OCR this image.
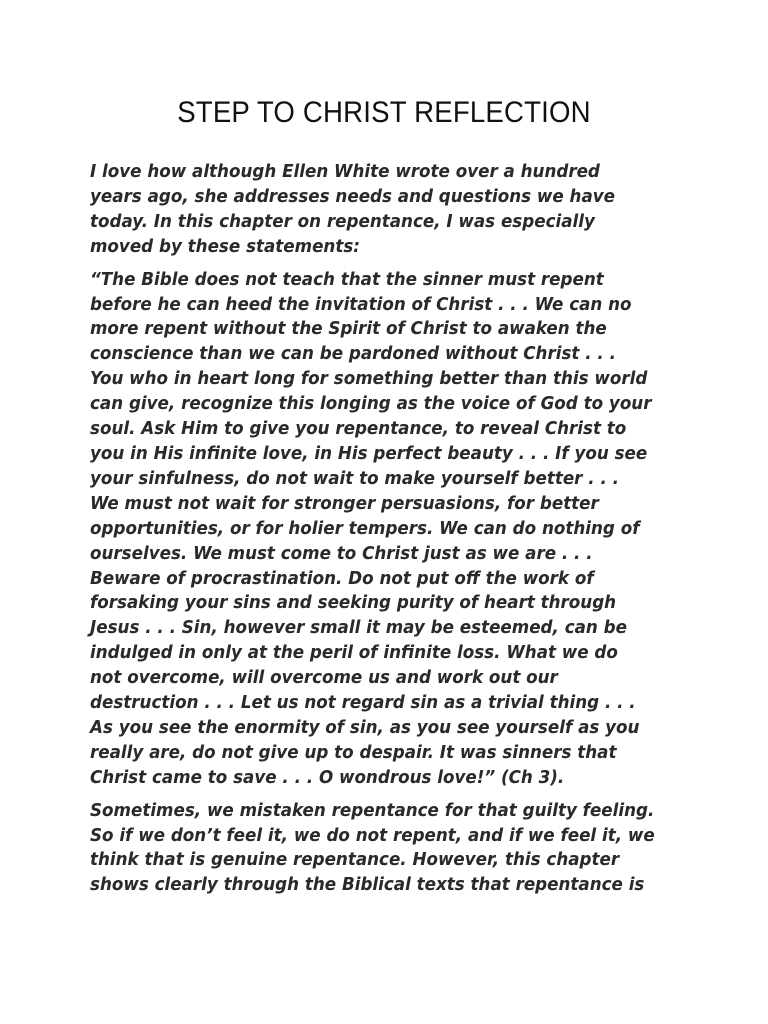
STEP TO CHRIST REFLECTION

I love how although Ellen White wrote over a hundred
years ago, she addresses needs and questions we have
today. In this chapter on repentance, I was especially
moved by these statements:

“The Bible does not teach that the sinner must repent
before he can heed the invitation of Christ . . . We can no
more repent without the Spirit of Christ to awaken the
conscience than we can be pardoned without Christ . . .
You who in heart long for something better than this world
can give, recognize this longing as the voice of God to your
soul. Ask Him to give you repentance, to reveal Christ to
you in His infinite love, in His perfect beauty . . . If you see
your sinfulness, do not wait to make yourself better . . .
We must not wait for stronger persuasions, for better
opportunities, or for holier tempers. We can do nothing of
ourselves. We must come to Christ just as we are . . .
Beware of procrastination. Do not put off the work of
forsaking your sins and seeking purity of heart through
Jesus . . . Sin, however small it may be esteemed, can be
indulged in only at the peril of infinite loss. What we do
not overcome, will overcome us and work out our
destruction . . . Let us not regard sin as a trivial thing . . .
As you see the enormity of sin, as you see yourself as you
really are, do not give up to despair. It was sinners that
Christ came to save . . . O wondrous love!” (Ch 3).

Sometimes, we mistaken repentance for that guilty feeling.
So if we don’t feel it, we do not repent, and if we feel it, we
think that is genuine repentance. However, this chapter
shows clearly through the Biblical texts that repentance is
